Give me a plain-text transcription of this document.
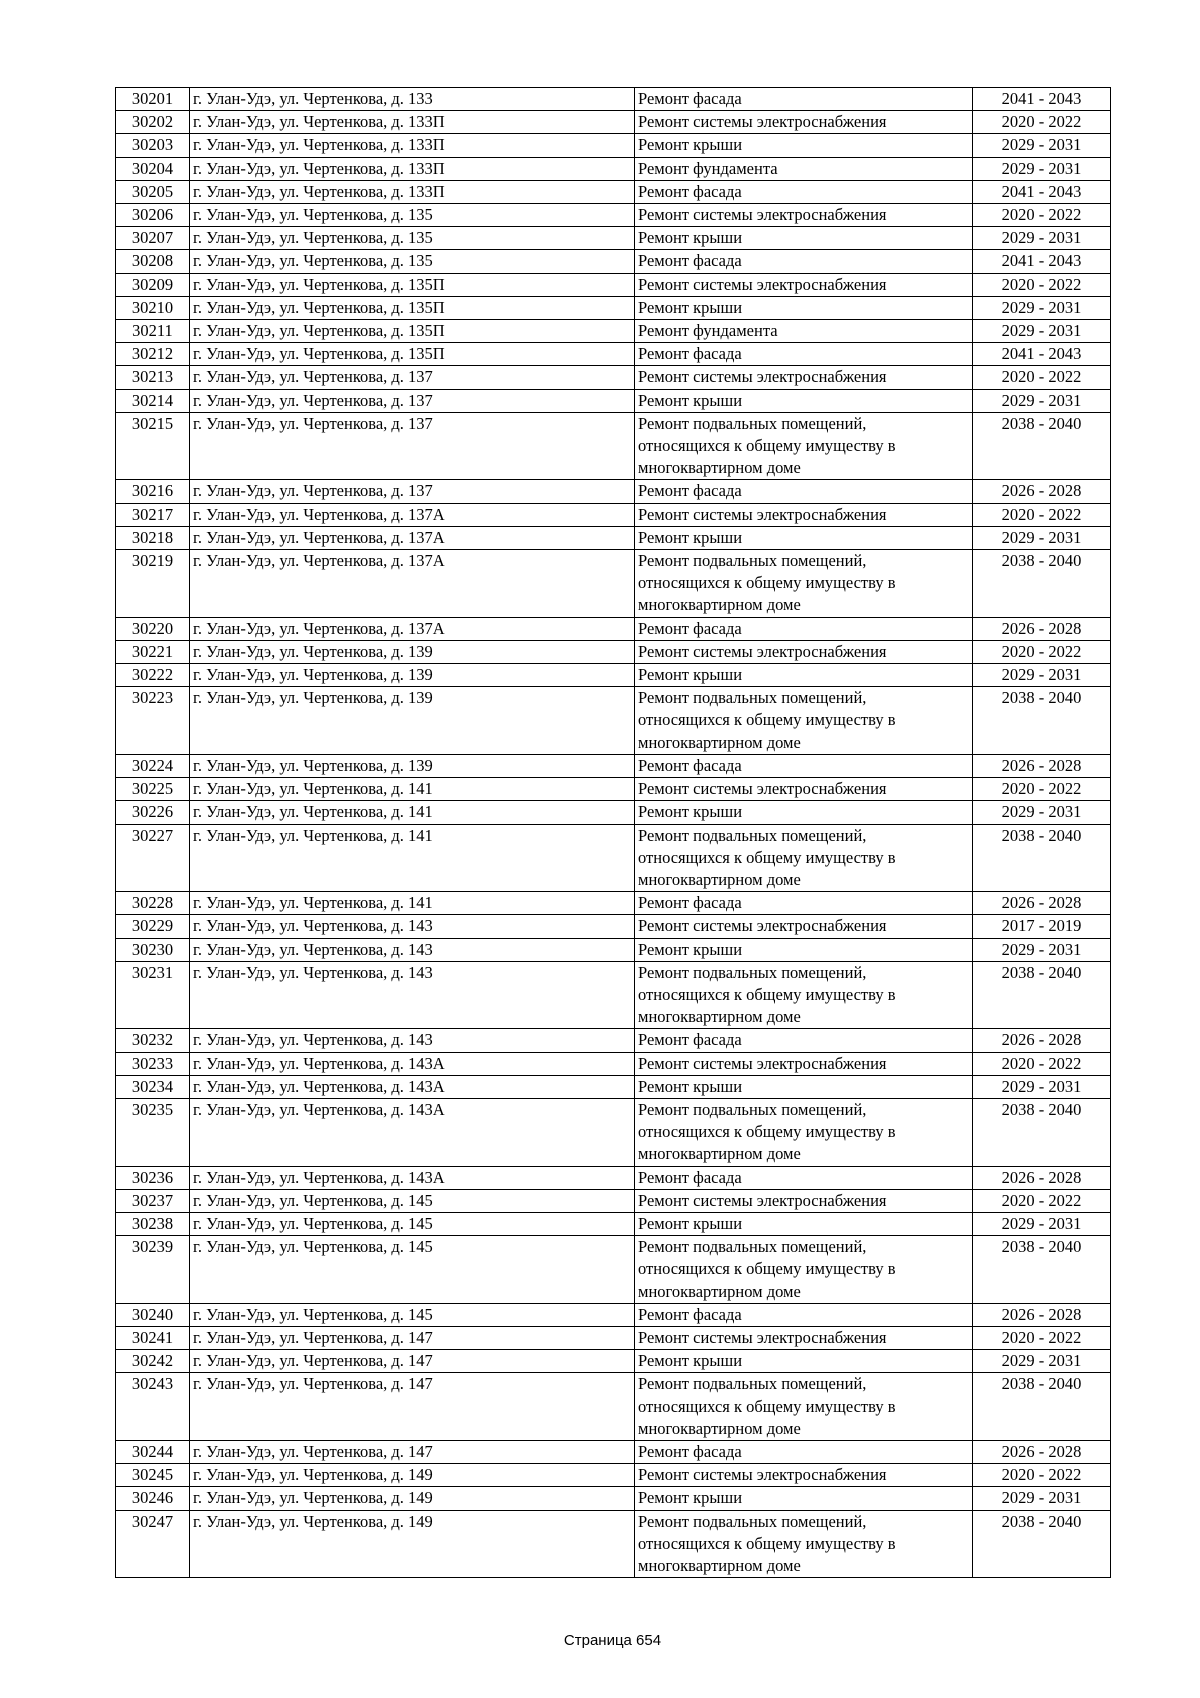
30201	г. Улан-Удэ, ул. Чертенкова, д. 133	Ремонт фасада	2041 - 2043
30202	г. Улан-Удэ, ул. Чертенкова, д. 133П	Ремонт системы электроснабжения	2020 - 2022
30203	г. Улан-Удэ, ул. Чертенкова, д. 133П	Ремонт крыши	2029 - 2031
30204	г. Улан-Удэ, ул. Чертенкова, д. 133П	Ремонт фундамента	2029 - 2031
30205	г. Улан-Удэ, ул. Чертенкова, д. 133П	Ремонт фасада	2041 - 2043
30206	г. Улан-Удэ, ул. Чертенкова, д. 135	Ремонт системы электроснабжения	2020 - 2022
30207	г. Улан-Удэ, ул. Чертенкова, д. 135	Ремонт крыши	2029 - 2031
30208	г. Улан-Удэ, ул. Чертенкова, д. 135	Ремонт фасада	2041 - 2043
30209	г. Улан-Удэ, ул. Чертенкова, д. 135П	Ремонт системы электроснабжения	2020 - 2022
30210	г. Улан-Удэ, ул. Чертенкова, д. 135П	Ремонт крыши	2029 - 2031
30211	г. Улан-Удэ, ул. Чертенкова, д. 135П	Ремонт фундамента	2029 - 2031
30212	г. Улан-Удэ, ул. Чертенкова, д. 135П	Ремонт фасада	2041 - 2043
30213	г. Улан-Удэ, ул. Чертенкова, д. 137	Ремонт системы электроснабжения	2020 - 2022
30214	г. Улан-Удэ, ул. Чертенкова, д. 137	Ремонт крыши	2029 - 2031
30215	г. Улан-Удэ, ул. Чертенкова, д. 137	Ремонт подвальных помещений,
относящихся к общему имуществу в
многоквартирном доме	2038 - 2040
30216	г. Улан-Удэ, ул. Чертенкова, д. 137	Ремонт фасада	2026 - 2028
30217	г. Улан-Удэ, ул. Чертенкова, д. 137А	Ремонт системы электроснабжения	2020 - 2022
30218	г. Улан-Удэ, ул. Чертенкова, д. 137А	Ремонт крыши	2029 - 2031
30219	г. Улан-Удэ, ул. Чертенкова, д. 137А	Ремонт подвальных помещений,
относящихся к общему имуществу в
многоквартирном доме	2038 - 2040
30220	г. Улан-Удэ, ул. Чертенкова, д. 137А	Ремонт фасада	2026 - 2028
30221	г. Улан-Удэ, ул. Чертенкова, д. 139	Ремонт системы электроснабжения	2020 - 2022
30222	г. Улан-Удэ, ул. Чертенкова, д. 139	Ремонт крыши	2029 - 2031
30223	г. Улан-Удэ, ул. Чертенкова, д. 139	Ремонт подвальных помещений,
относящихся к общему имуществу в
многоквартирном доме	2038 - 2040
30224	г. Улан-Удэ, ул. Чертенкова, д. 139	Ремонт фасада	2026 - 2028
30225	г. Улан-Удэ, ул. Чертенкова, д. 141	Ремонт системы электроснабжения	2020 - 2022
30226	г. Улан-Удэ, ул. Чертенкова, д. 141	Ремонт крыши	2029 - 2031
30227	г. Улан-Удэ, ул. Чертенкова, д. 141	Ремонт подвальных помещений,
относящихся к общему имуществу в
многоквартирном доме	2038 - 2040
30228	г. Улан-Удэ, ул. Чертенкова, д. 141	Ремонт фасада	2026 - 2028
30229	г. Улан-Удэ, ул. Чертенкова, д. 143	Ремонт системы электроснабжения	2017 - 2019
30230	г. Улан-Удэ, ул. Чертенкова, д. 143	Ремонт крыши	2029 - 2031
30231	г. Улан-Удэ, ул. Чертенкова, д. 143	Ремонт подвальных помещений,
относящихся к общему имуществу в
многоквартирном доме	2038 - 2040
30232	г. Улан-Удэ, ул. Чертенкова, д. 143	Ремонт фасада	2026 - 2028
30233	г. Улан-Удэ, ул. Чертенкова, д. 143А	Ремонт системы электроснабжения	2020 - 2022
30234	г. Улан-Удэ, ул. Чертенкова, д. 143А	Ремонт крыши	2029 - 2031
30235	г. Улан-Удэ, ул. Чертенкова, д. 143А	Ремонт подвальных помещений,
относящихся к общему имуществу в
многоквартирном доме	2038 - 2040
30236	г. Улан-Удэ, ул. Чертенкова, д. 143А	Ремонт фасада	2026 - 2028
30237	г. Улан-Удэ, ул. Чертенкова, д. 145	Ремонт системы электроснабжения	2020 - 2022
30238	г. Улан-Удэ, ул. Чертенкова, д. 145	Ремонт крыши	2029 - 2031
30239	г. Улан-Удэ, ул. Чертенкова, д. 145	Ремонт подвальных помещений,
относящихся к общему имуществу в
многоквартирном доме	2038 - 2040
30240	г. Улан-Удэ, ул. Чертенкова, д. 145	Ремонт фасада	2026 - 2028
30241	г. Улан-Удэ, ул. Чертенкова, д. 147	Ремонт системы электроснабжения	2020 - 2022
30242	г. Улан-Удэ, ул. Чертенкова, д. 147	Ремонт крыши	2029 - 2031
30243	г. Улан-Удэ, ул. Чертенкова, д. 147	Ремонт подвальных помещений,
относящихся к общему имуществу в
многоквартирном доме	2038 - 2040
30244	г. Улан-Удэ, ул. Чертенкова, д. 147	Ремонт фасада	2026 - 2028
30245	г. Улан-Удэ, ул. Чертенкова, д. 149	Ремонт системы электроснабжения	2020 - 2022
30246	г. Улан-Удэ, ул. Чертенкова, д. 149	Ремонт крыши	2029 - 2031
30247	г. Улан-Удэ, ул. Чертенкова, д. 149	Ремонт подвальных помещений,
относящихся к общему имуществу в
многоквартирном доме	2038 - 2040
Страница 654
